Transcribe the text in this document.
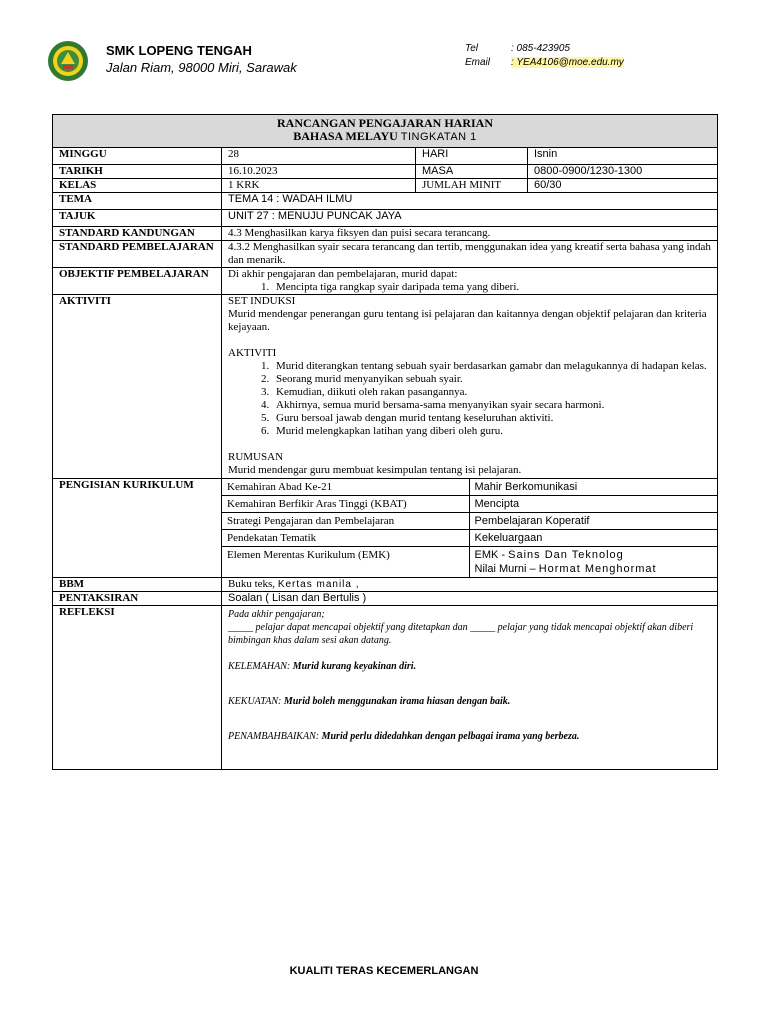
SMK LOPENG TENGAH
Jalan Riam, 98000 Miri, Sarawak
Tel	: 085-423905
Email : YEA4106@moe.edu.my
RANCANGAN PENGAJARAN HARIAN
BAHASA MELAYU TINGKATAN 1

MINGGU	28	HARI	Isnin
TARIKH	16.10.2023	MASA	0800-0900/1230-1300
KELAS	1 KRK	JUMLAH MINIT	60/30
TEMA	TEMA 14 : WADAH ILMU
TAJUK	UNIT 27 : MENUJU PUNCAK JAYA
STANDARD KANDUNGAN	4.3 Menghasilkan karya fiksyen dan puisi secara terancang.
STANDARD PEMBELAJARAN	4.3.2 Menghasilkan syair secara terancang dan tertib, menggunakan idea yang kreatif serta bahasa yang indah dan menarik.
OBJEKTIF PEMBELAJARAN	Di akhir pengajaran dan pembelajaran, murid dapat:
1. Mencipta tiga rangkap syair daripada tema yang diberi.

AKTIVITI	SET INDUKSI
Murid mendengar penerangan guru tentang isi pelajaran dan kaitannya dengan objektif pelajaran dan kriteria kejayaan.
AKTIVITI
1. Murid diterangkan tentang sebuah syair berdasarkan gamabr dan melagukannya di hadapan kelas.
2. Seorang murid menyanyikan sebuah syair.
3. Kemudian, diikuti oleh rakan pasangannya.
4. Akhirnya, semua murid bersama-sama menyanyikan syair secara harmoni.
5. Guru bersoal jawab dengan murid tentang keseluruhan aktiviti.
6. Murid melengkapkan latihan yang diberi oleh guru.
RUMUSAN
Murid mendengar guru membuat kesimpulan tentang isi pelajaran.

PENGISIAN KURIKULUM		Kemahiran Abad Ke-21	Mahir Berkomunikasi
Kemahiran Berfikir Aras Tinggi (KBAT)	Mencipta
Strategi Pengajaran dan Pembelajaran	Pembelajaran Koperatif
Pendekatan Tematik	Kekeluargaan
Elemen Merentas Kurikulum (EMK)	EMK - Sains Dan Teknolog
Nilai Murni – Hormat Menghormat

BBM	Buku teks, Kertas manila ,
PENTAKSIRAN	Soalan ( Lisan dan Bertulis )
REFLEKSI	Pada akhir pengajaran;
_____ pelajar dapat mencapai objektif yang ditetapkan dan _____ pelajar yang tidak mencapai objektif akan diberi bimbingan khas dalam sesi akan datang.
KELEMAHAN: Murid kurang keyakinan diri.
KEKUATAN: Murid boleh menggunakan irama hiasan dengan baik.
PENAMBAHBAIKAN: Murid perlu didedahkan dengan pelbagai irama yang berbeza.
KUALITI TERAS KECEMERLANGAN
